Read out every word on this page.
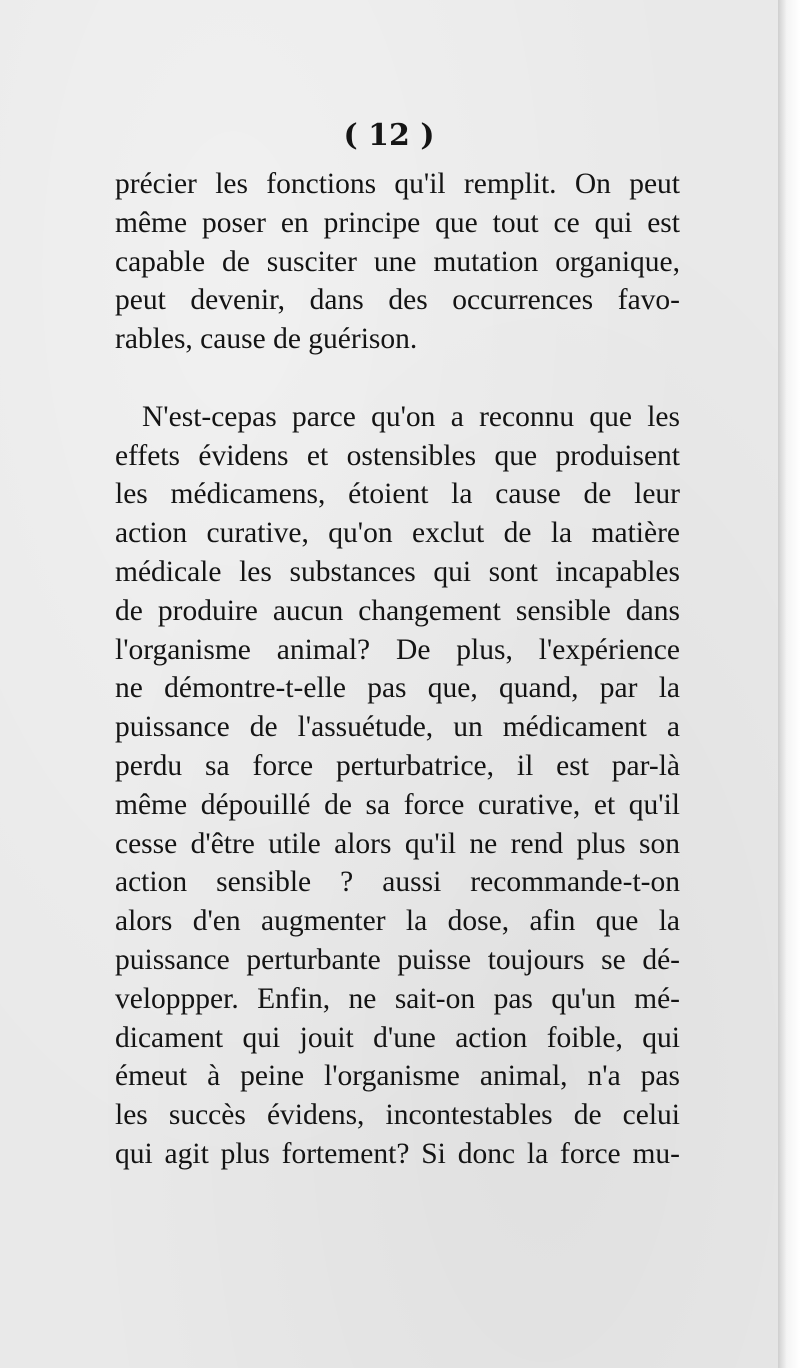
( 12 )
précier les fonctions qu'il remplit. On peut
même poser en principe que tout ce qui est
capable de susciter une mutation organique,
peut devenir, dans des occurrences favo-
rables, cause de guérison.
N'est-cepas parce qu'on a reconnu que les
effets évidens et ostensibles que produisent
les médicamens, étoient la cause de leur
action curative, qu'on exclut de la matière
médicale les substances qui sont incapables
de produire aucun changement sensible dans
l'organisme animal? De plus, l'expérience
ne démontre-t-elle pas que, quand, par la
puissance de l'assuétude, un médicament a
perdu sa force perturbatrice, il est par-là
même dépouillé de sa force curative, et qu'il
cesse d'être utile alors qu'il ne rend plus son
action sensible ? aussi recommande-t-on
alors d'en augmenter la dose, afin que la
puissance perturbante puisse toujours se dé-
veloppper. Enfin, ne sait-on pas qu'un mé-
dicament qui jouit d'une action foible, qui
émeut à peine l'organisme animal, n'a pas
les succès évidens, incontestables de celui
qui agit plus fortement? Si donc la force mu-
